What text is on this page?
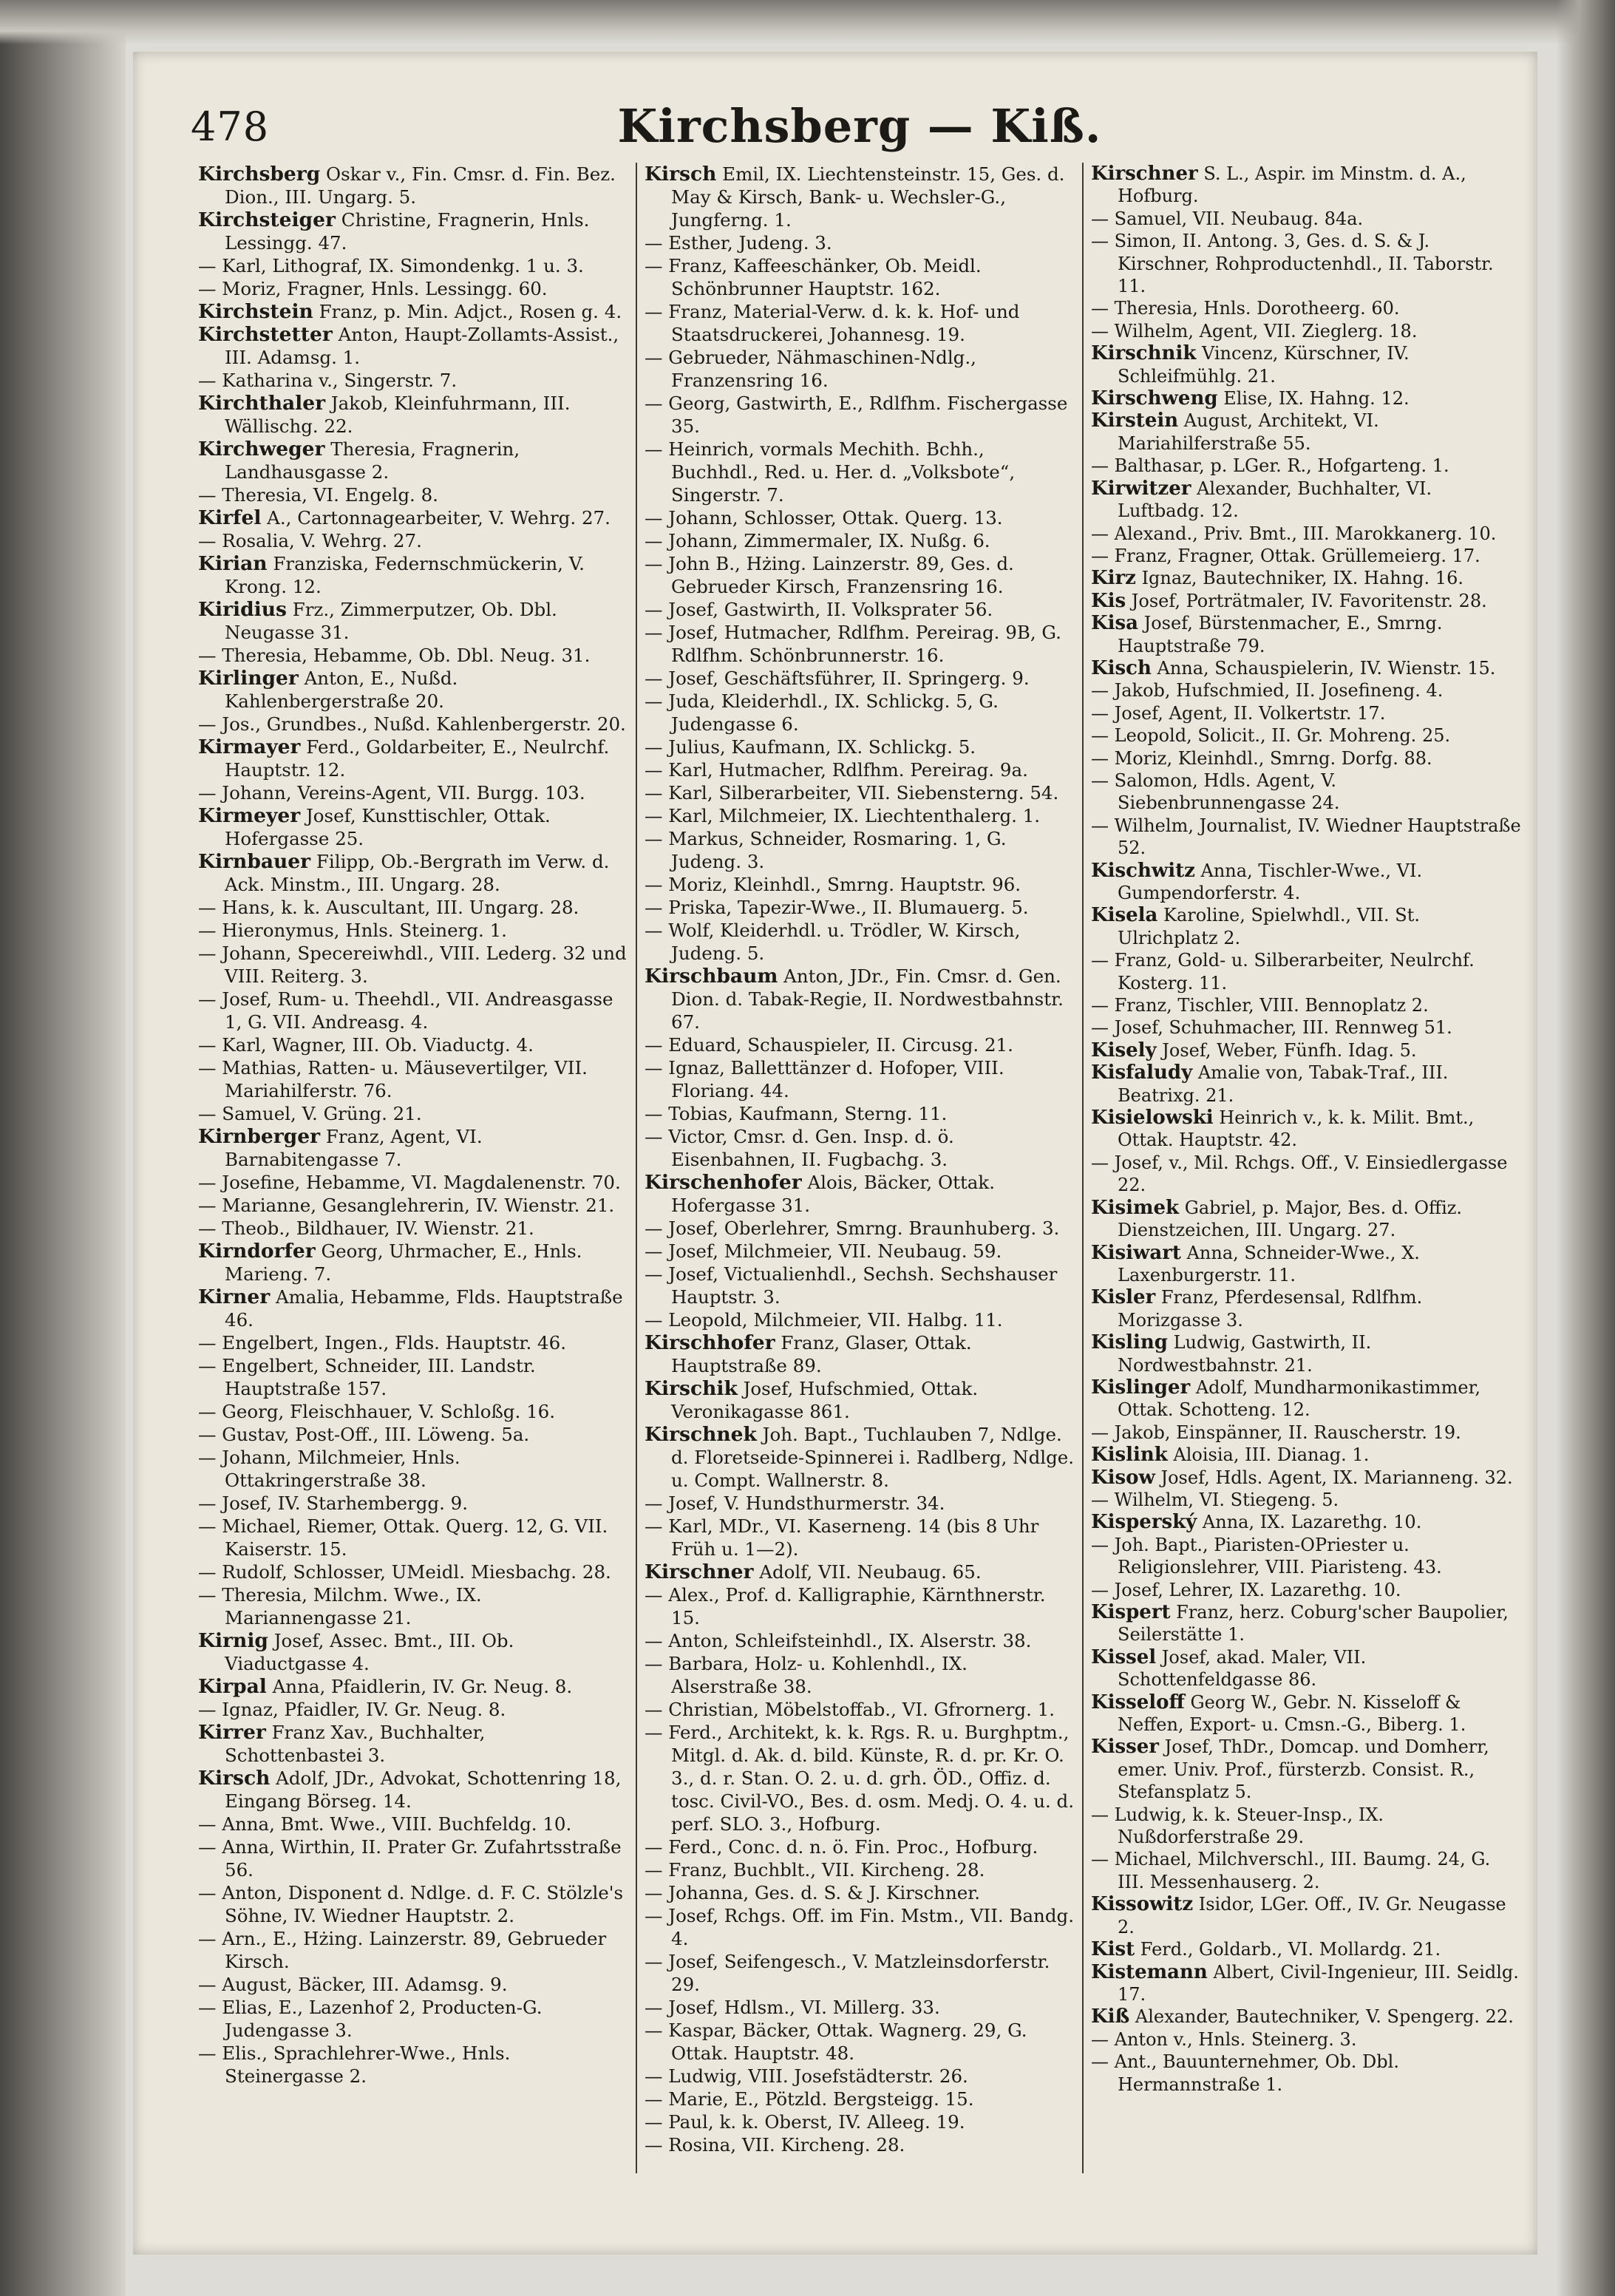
478	Kirchsberg — Kiß.

Kirchsberg Oskar v., Fin. Cmsr. d. Fin. Bez. Dion., III. Ungarg. 5.

Kirchsteiger Christine, Fragnerin, Hnls. Lessingg. 47.

— Karl, Lithograf, IX. Simondenkg. 1 u. 3.

— Moriz, Fragner, Hnls. Lessingg. 60.

Kirchstein Franz, p. Min. Adjct., Rosen g. 4.

Kirchstetter Anton, Haupt-Zollamts-Assist., III. Adamsg. 1.

— Katharina v., Singerstr. 7.

Kirchthaler Jakob, Kleinfuhrmann, III. Wällischg. 22.

Kirchweger Theresia, Fragnerin, Landhausgasse 2.

— Theresia, VI. Engelg. 8.

Kirfel A., Cartonnagearbeiter, V. Wehrg. 27.

— Rosalia, V. Wehrg. 27.

Kirian Franziska, Federnschmückerin, V. Krong. 12.

Kiridius Frz., Zimmerputzer, Ob. Dbl. Neugasse 31.

— Theresia, Hebamme, Ob. Dbl. Neug. 31.

Kirlinger Anton, E., Nußd. Kahlenbergerstraße 20.

— Jos., Grundbes., Nußd. Kahlenbergerstr. 20.

Kirmayer Ferd., Goldarbeiter, E., Neulrchf. Hauptstr. 12.

— Johann, Vereins-Agent, VII. Burgg. 103.

Kirmeyer Josef, Kunsttischler, Ottak. Hofergasse 25.

Kirnbauer Filipp, Ob.-Bergrath im Verw. d. Ack. Minstm., III. Ungarg. 28.

— Hans, k. k. Auscultant, III. Ungarg. 28.

— Hieronymus, Hnls. Steinerg. 1.

— Johann, Specereiwhdl., VIII. Lederg. 32 und VIII. Reiterg. 3.

— Josef, Rum- u. Theehdl., VII. Andreasgasse 1, G. VII. Andreasg. 4.

— Karl, Wagner, III. Ob. Viaductg. 4.

— Mathias, Ratten- u. Mäusevertilger, VII. Mariahilferstr. 76.

— Samuel, V. Grüng. 21.

Kirnberger Franz, Agent, VI. Barnabitengasse 7.

— Josefine, Hebamme, VI. Magdalenenstr. 70.

— Marianne, Gesanglehrerin, IV. Wienstr. 21.

— Theob., Bildhauer, IV. Wienstr. 21.

Kirndorfer Georg, Uhrmacher, E., Hnls. Marieng. 7.

Kirner Amalia, Hebamme, Flds. Hauptstraße 46.

— Engelbert, Ingen., Flds. Hauptstr. 46.

— Engelbert, Schneider, III. Landstr. Hauptstraße 157.

— Georg, Fleischhauer, V. Schloßg. 16.

— Gustav, Post-Off., III. Löweng. 5a.

— Johann, Milchmeier, Hnls. Ottakringerstraße 38.

— Josef, IV. Starhembergg. 9.

— Michael, Riemer, Ottak. Querg. 12, G. VII. Kaiserstr. 15.

— Rudolf, Schlosser, UMeidl. Miesbachg. 28.

— Theresia, Milchm. Wwe., IX. Mariannengasse 21.

Kirnig Josef, Assec. Bmt., III. Ob. Viaductgasse 4.

Kirpal Anna, Pfaidlerin, IV. Gr. Neug. 8.

— Ignaz, Pfaidler, IV. Gr. Neug. 8.

Kirrer Franz Xav., Buchhalter, Schottenbastei 3.

Kirsch Adolf, JDr., Advokat, Schottenring 18, Eingang Börseg. 14.

— Anna, Bmt. Wwe., VIII. Buchfeldg. 10.

— Anna, Wirthin, II. Prater Gr. Zufahrtsstraße 56.

— Anton, Disponent d. Ndlge. d. F. C. Stölzle's Söhne, IV. Wiedner Hauptstr. 2.

— Arn., E., Hżing. Lainzerstr. 89, Gebrueder Kirsch.

— August, Bäcker, III. Adamsg. 9.

— Elias, E., Lazenhof 2, Producten-G. Judengasse 3.

— Elis., Sprachlehrer-Wwe., Hnls. Steinergasse 2.

Kirsch Emil, IX. Liechtensteinstr. 15, Ges. d. May & Kirsch, Bank- u. Wechsler-G., Jungferng. 1.

— Esther, Judeng. 3.

— Franz, Kaffeeschänker, Ob. Meidl. Schönbrunner Hauptstr. 162.

— Franz, Material-Verw. d. k. k. Hof- und Staatsdruckerei, Johannesg. 19.

— Gebrueder, Nähmaschinen-Ndlg., Franzensring 16.

— Georg, Gastwirth, E., Rdlfhm. Fischergasse 35.

— Heinrich, vormals Mechith. Bchh., Buchhdl., Red. u. Her. d. „Volksbote“, Singerstr. 7.

— Johann, Schlosser, Ottak. Querg. 13.

— Johann, Zimmermaler, IX. Nußg. 6.

— John B., Hżing. Lainzerstr. 89, Ges. d. Gebrueder Kirsch, Franzensring 16.

— Josef, Gastwirth, II. Volksprater 56.

— Josef, Hutmacher, Rdlfhm. Pereirag. 9B, G. Rdlfhm. Schönbrunnerstr. 16.

— Josef, Geschäftsführer, II. Springerg. 9.

— Juda, Kleiderhdl., IX. Schlickg. 5, G. Judengasse 6.

— Julius, Kaufmann, IX. Schlickg. 5.

— Karl, Hutmacher, Rdlfhm. Pereirag. 9a.

— Karl, Silberarbeiter, VII. Siebensterng. 54.

— Karl, Milchmeier, IX. Liechtenthalerg. 1.

— Markus, Schneider, Rosmaring. 1, G. Judeng. 3.

— Moriz, Kleinhdl., Smrng. Hauptstr. 96.

— Priska, Tapezir-Wwe., II. Blumauerg. 5.

— Wolf, Kleiderhdl. u. Trödler, W. Kirsch, Judeng. 5.

Kirschbaum Anton, JDr., Fin. Cmsr. d. Gen. Dion. d. Tabak-Regie, II. Nordwestbahnstr. 67.

— Eduard, Schauspieler, II. Circusg. 21.

— Ignaz, Balletttänzer d. Hofoper, VIII. Floriang. 44.

— Tobias, Kaufmann, Sterng. 11.

— Victor, Cmsr. d. Gen. Insp. d. ö. Eisenbahnen, II. Fugbachg. 3.

Kirschenhofer Alois, Bäcker, Ottak. Hofergasse 31.

— Josef, Oberlehrer, Smrng. Braunhuberg. 3.

— Josef, Milchmeier, VII. Neubaug. 59.

— Josef, Victualienhdl., Sechsh. Sechshauser Hauptstr. 3.

— Leopold, Milchmeier, VII. Halbg. 11.

Kirschhofer Franz, Glaser, Ottak. Hauptstraße 89.

Kirschik Josef, Hufschmied, Ottak. Veronikagasse 861.

Kirschnek Joh. Bapt., Tuchlauben 7, Ndlge. d. Floretseide-Spinnerei i. Radlberg, Ndlge. u. Compt. Wallnerstr. 8.

— Josef, V. Hundsthurmerstr. 34.

— Karl, MDr., VI. Kaserneng. 14 (bis 8 Uhr Früh u. 1—2).

Kirschner Adolf, VII. Neubaug. 65.

— Alex., Prof. d. Kalligraphie, Kärnthnerstr. 15.

— Anton, Schleifsteinhdl., IX. Alserstr. 38.

— Barbara, Holz- u. Kohlenhdl., IX. Alserstraße 38.

— Christian, Möbelstoffab., VI. Gfrornerg. 1.

— Ferd., Architekt, k. k. Rgs. R. u. Burghptm., Mitgl. d. Ak. d. bild. Künste, R. d. pr. Kr. O. 3., d. r. Stan. O. 2. u. d. grh. ÖD., Offiz. d. tosc. Civil-VO., Bes. d. osm. Medj. O. 4. u. d. perf. SLO. 3., Hofburg.

— Ferd., Conc. d. n. ö. Fin. Proc., Hofburg.

— Franz, Buchblt., VII. Kircheng. 28.

— Johanna, Ges. d. S. & J. Kirschner.

— Josef, Rchgs. Off. im Fin. Mstm., VII. Bandg. 4.

— Josef, Seifengesch., V. Matzleinsdorferstr. 29.

— Josef, Hdlsm., VI. Millerg. 33.

— Kaspar, Bäcker, Ottak. Wagnerg. 29, G. Ottak. Hauptstr. 48.

— Ludwig, VIII. Josefstädterstr. 26.

— Marie, E., Pötzld. Bergsteigg. 15.

— Paul, k. k. Oberst, IV. Alleeg. 19.

— Rosina, VII. Kircheng. 28.

Kirschner S. L., Aspir. im Minstm. d. A., Hofburg.

— Samuel, VII. Neubaug. 84a.

— Simon, II. Antong. 3, Ges. d. S. & J. Kirschner, Rohproductenhdl., II. Taborstr. 11.

— Theresia, Hnls. Dorotheerg. 60.

— Wilhelm, Agent, VII. Zieglerg. 18.

Kirschnik Vincenz, Kürschner, IV. Schleifmühlg. 21.

Kirschweng Elise, IX. Hahng. 12.

Kirstein August, Architekt, VI. Mariahilferstraße 55.

— Balthasar, p. LGer. R., Hofgarteng. 1.

Kirwitzer Alexander, Buchhalter, VI. Luftbadg. 12.

— Alexand., Priv. Bmt., III. Marokkanerg. 10.

— Franz, Fragner, Ottak. Grüllemeierg. 17.

Kirz Ignaz, Bautechniker, IX. Hahng. 16.

Kis Josef, Porträtmaler, IV. Favoritenstr. 28.

Kisa Josef, Bürstenmacher, E., Smrng. Hauptstraße 79.

Kisch Anna, Schauspielerin, IV. Wienstr. 15.

— Jakob, Hufschmied, II. Josefineng. 4.

— Josef, Agent, II. Volkertstr. 17.

— Leopold, Solicit., II. Gr. Mohreng. 25.

— Moriz, Kleinhdl., Smrng. Dorfg. 88.

— Salomon, Hdls. Agent, V. Siebenbrunnengasse 24.

— Wilhelm, Journalist, IV. Wiedner Hauptstraße 52.

Kischwitz Anna, Tischler-Wwe., VI. Gumpendorferstr. 4.

Kisela Karoline, Spielwhdl., VII. St. Ulrichplatz 2.

— Franz, Gold- u. Silberarbeiter, Neulrchf. Kosterg. 11.

— Franz, Tischler, VIII. Bennoplatz 2.

— Josef, Schuhmacher, III. Rennweg 51.

Kisely Josef, Weber, Fünfh. Idag. 5.

Kisfaludy Amalie von, Tabak-Traf., III. Beatrixg. 21.

Kisielowski Heinrich v., k. k. Milit. Bmt., Ottak. Hauptstr. 42.

— Josef, v., Mil. Rchgs. Off., V. Einsiedlergasse 22.

Kisimek Gabriel, p. Major, Bes. d. Offiz. Dienstzeichen, III. Ungarg. 27.

Kisiwart Anna, Schneider-Wwe., X. Laxenburgerstr. 11.

Kisler Franz, Pferdesensal, Rdlfhm. Morizgasse 3.

Kisling Ludwig, Gastwirth, II. Nordwestbahnstr. 21.

Kislinger Adolf, Mundharmonikastimmer, Ottak. Schotteng. 12.

— Jakob, Einspänner, II. Rauscherstr. 19.

Kislink Aloisia, III. Dianag. 1.

Kisow Josef, Hdls. Agent, IX. Marianneng. 32.

— Wilhelm, VI. Stiegeng. 5.

Kisperský Anna, IX. Lazarethg. 10.

— Joh. Bapt., Piaristen-OPriester u. Religionslehrer, VIII. Piaristeng. 43.

— Josef, Lehrer, IX. Lazarethg. 10.

Kispert Franz, herz. Coburg'scher Baupolier, Seilerstätte 1.

Kissel Josef, akad. Maler, VII. Schottenfeldgasse 86.

Kisseloff Georg W., Gebr. N. Kisseloff & Neffen, Export- u. Cmsn.-G., Biberg. 1.

Kisser Josef, ThDr., Domcap. und Domherr, emer. Univ. Prof., fürsterzb. Consist. R., Stefansplatz 5.

— Ludwig, k. k. Steuer-Insp., IX. Nußdorferstraße 29.

— Michael, Milchverschl., III. Baumg. 24, G. III. Messenhauserg. 2.

Kissowitz Isidor, LGer. Off., IV. Gr. Neugasse 2.

Kist Ferd., Goldarb., VI. Mollardg. 21.

Kistemann Albert, Civil-Ingenieur, III. Seidlg. 17.

Kiß Alexander, Bautechniker, V. Spengerg. 22.

— Anton v., Hnls. Steinerg. 3.

— Ant., Bauunternehmer, Ob. Dbl. Hermannstraße 1.
